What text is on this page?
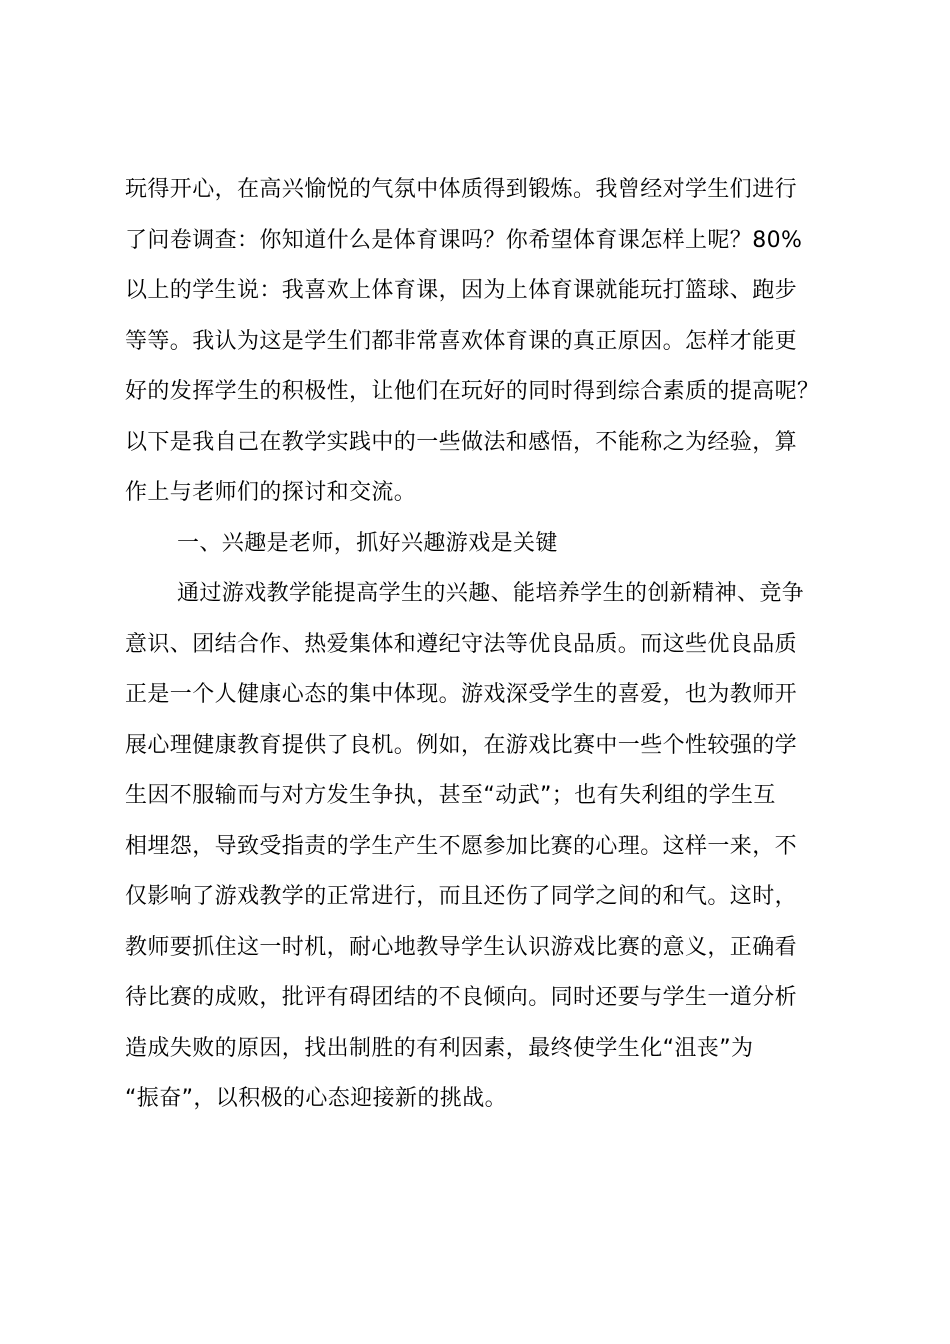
玩得开心，在高兴愉悦的气氛中体质得到锻炼。我曾经对学生们进行
了问卷调查：你知道什么是体育课吗？你希望体育课怎样上呢？80%
以上的学生说：我喜欢上体育课，因为上体育课就能玩打篮球、跑步
等等。我认为这是学生们都非常喜欢体育课的真正原因。怎样才能更
好的发挥学生的积极性，让他们在玩好的同时得到综合素质的提高呢？
以下是我自己在教学实践中的一些做法和感悟，不能称之为经验，算
作上与老师们的探讨和交流。
一、兴趣是老师，抓好兴趣游戏是关键
通过游戏教学能提高学生的兴趣、能培养学生的创新精神、竞争
意识、团结合作、热爱集体和遵纪守法等优良品质。而这些优良品质
正是一个人健康心态的集中体现。游戏深受学生的喜爱，也为教师开
展心理健康教育提供了良机。例如，在游戏比赛中一些个性较强的学
生因不服输而与对方发生争执，甚至“动武”；也有失利组的学生互
相埋怨，导致受指责的学生产生不愿参加比赛的心理。这样一来，不
仅影响了游戏教学的正常进行，而且还伤了同学之间的和气。这时，
教师要抓住这一时机，耐心地教导学生认识游戏比赛的意义，正确看
待比赛的成败，批评有碍团结的不良倾向。同时还要与学生一道分析
造成失败的原因，找出制胜的有利因素，最终使学生化“沮丧”为
“振奋”，以积极的心态迎接新的挑战。
